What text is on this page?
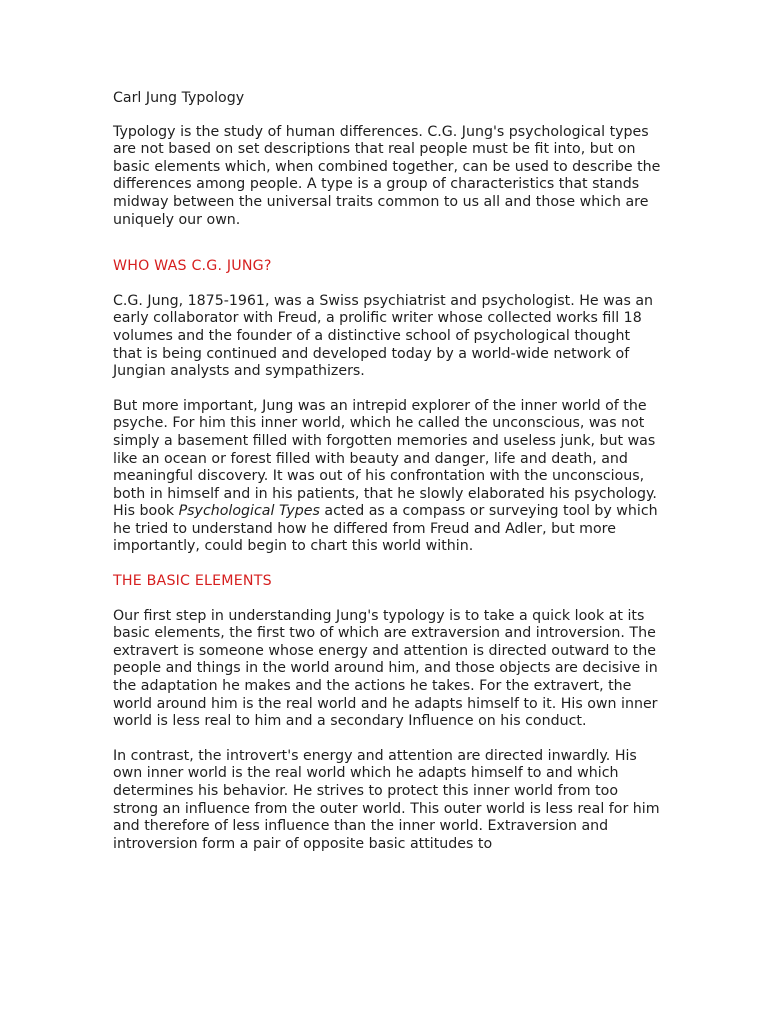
Carl Jung Typology

Typology is the study of human differences. C.G. Jung's psychological types are not based on set descriptions that real people must be fit into, but on basic elements which, when combined together, can be used to describe the differences among people. A type is a group of characteristics that stands midway between the universal traits common to us all and those which are uniquely our own.

WHO WAS C.G. JUNG?

C.G. Jung, 1875-1961, was a Swiss psychiatrist and psychologist. He was an early collaborator with Freud, a prolific writer whose collected works fill 18 volumes and the founder of a distinctive school of psychological thought that is being continued and developed today by a world-wide network of Jungian analysts and sympathizers.

But more important, Jung was an intrepid explorer of the inner world of the psyche. For him this inner world, which he called the unconscious, was not simply a basement filled with forgotten memories and useless junk, but was like an ocean or forest filled with beauty and danger, life and death, and meaningful discovery. It was out of his confrontation with the unconscious, both in himself and in his patients, that he slowly elaborated his psychology. His book Psychological Types acted as a compass or surveying tool by which he tried to understand how he differed from Freud and Adler, but more importantly, could begin to chart this world within.

THE BASIC ELEMENTS

Our first step in understanding Jung's typology is to take a quick look at its basic elements, the first two of which are extraversion and introversion. The extravert is someone whose energy and attention is directed outward to the people and things in the world around him, and those objects are decisive in the adaptation he makes and the actions he takes. For the extravert, the world around him is the real world and he adapts himself to it. His own inner world is less real to him and a secondary Influence on his conduct.

In contrast, the introvert's energy and attention are directed inwardly. His own inner world is the real world which he adapts himself to and which determines his behavior. He strives to protect this inner world from too strong an influence from the outer world. This outer world is less real for him and therefore of less influence than the inner world. Extraversion and introversion form a pair of opposite basic attitudes to
